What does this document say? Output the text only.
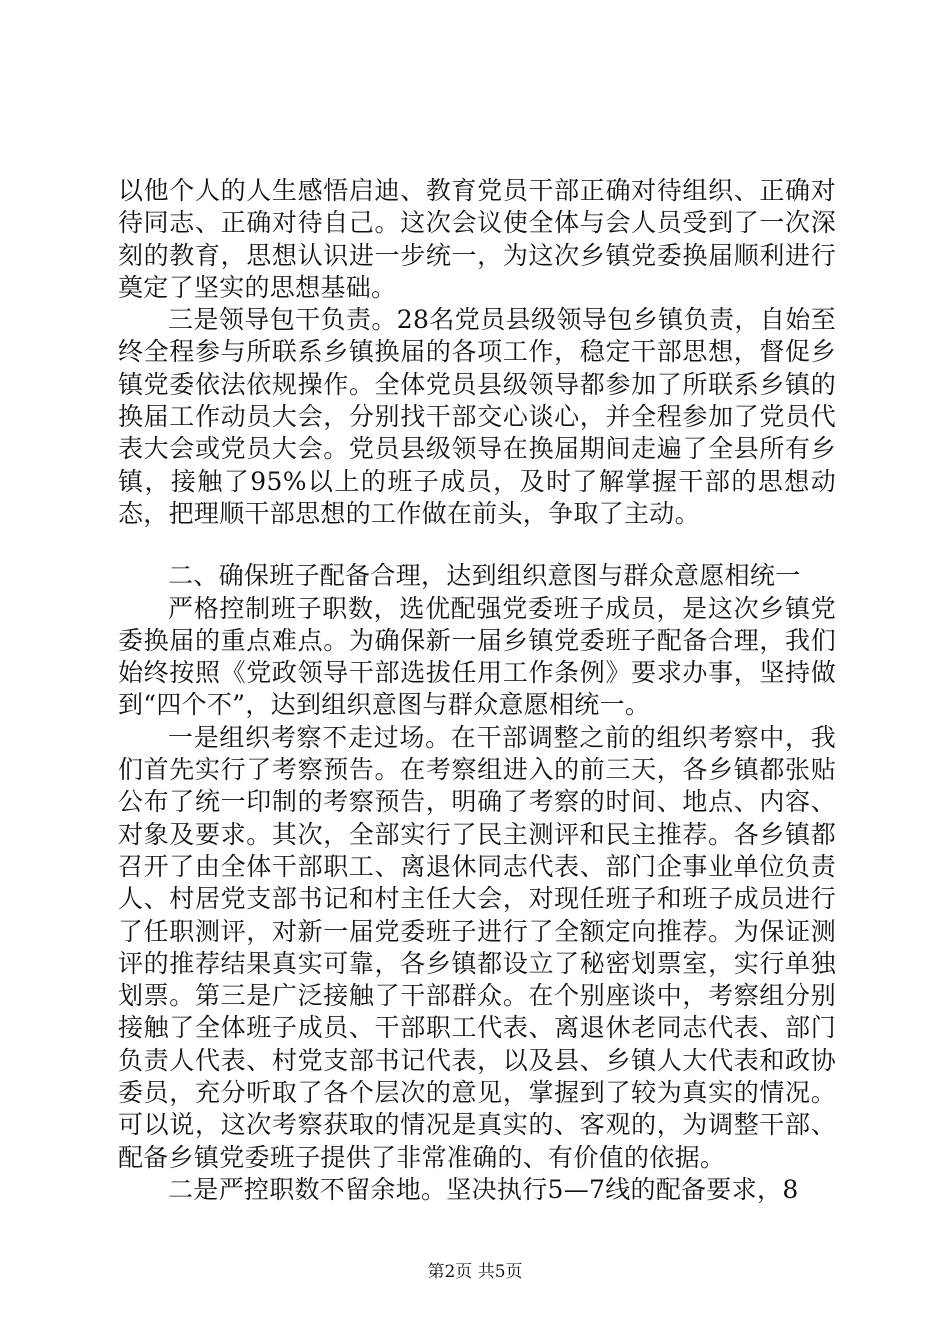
以他个人的人生感悟启迪、教育党员干部正确对待组织、正确对待同志、正确对待自己。这次会议使全体与会人员受到了一次深刻的教育，思想认识进一步统一，为这次乡镇党委换届顺利进行奠定了坚实的思想基础。

三是领导包干负责。28名党员县级领导包乡镇负责，自始至终全程参与所联系乡镇换届的各项工作，稳定干部思想，督促乡镇党委依法依规操作。全体党员县级领导都参加了所联系乡镇的换届工作动员大会，分别找干部交心谈心，并全程参加了党员代表大会或党员大会。党员县级领导在换届期间走遍了全县所有乡镇，接触了95%以上的班子成员，及时了解掌握干部的思想动态，把理顺干部思想的工作做在前头，争取了主动。

二、确保班子配备合理，达到组织意图与群众意愿相统一

严格控制班子职数，选优配强党委班子成员，是这次乡镇党委换届的重点难点。为确保新一届乡镇党委班子配备合理，我们始终按照《党政领导干部选拔任用工作条例》要求办事，坚持做到“四个不”，达到组织意图与群众意愿相统一。

一是组织考察不走过场。在干部调整之前的组织考察中，我们首先实行了考察预告。在考察组进入的前三天，各乡镇都张贴公布了统一印制的考察预告，明确了考察的时间、地点、内容、对象及要求。其次，全部实行了民主测评和民主推荐。各乡镇都召开了由全体干部职工、离退休同志代表、部门企事业单位负责人、村居党支部书记和村主任大会，对现任班子和班子成员进行了任职测评，对新一届党委班子进行了全额定向推荐。为保证测评的推荐结果真实可靠，各乡镇都设立了秘密划票室，实行单独划票。第三是广泛接触了干部群众。在个别座谈中，考察组分别接触了全体班子成员、干部职工代表、离退休老同志代表、部门负责人代表、村党支部书记代表，以及县、乡镇人大代表和政协委员，充分听取了各个层次的意见，掌握到了较为真实的情况。可以说，这次考察获取的情况是真实的、客观的，为调整干部、配备乡镇党委班子提供了非常准确的、有价值的依据。

二是严控职数不留余地。坚决执行5—7线的配备要求，8

第2页 共5页
